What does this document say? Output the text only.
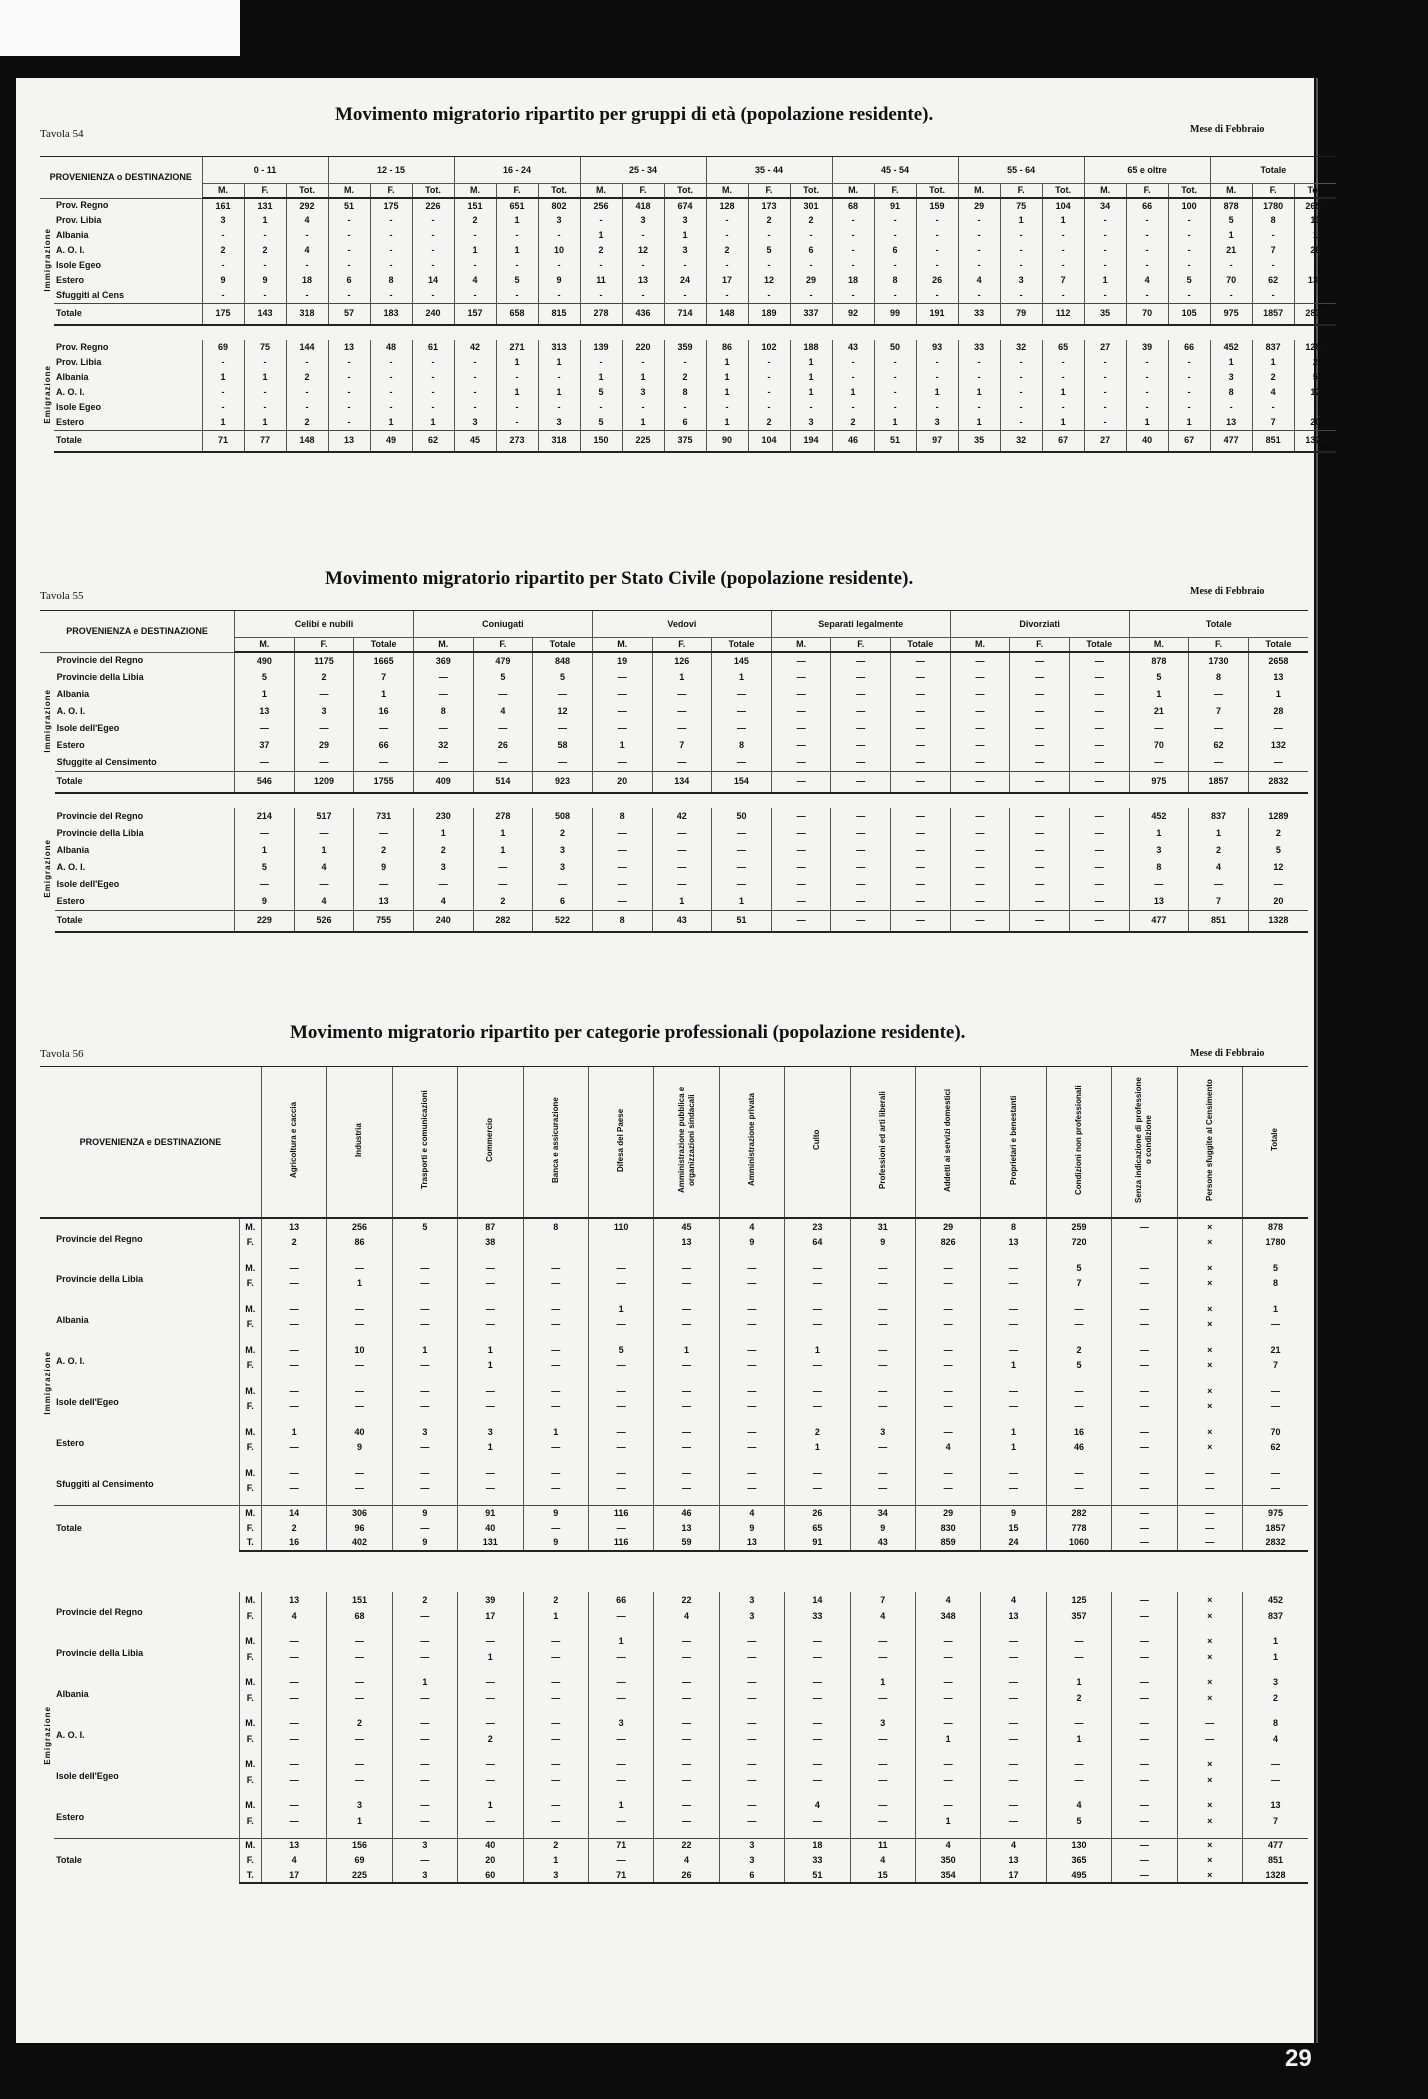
Tavola 54
Movimento migratorio ripartito per gruppi di età (popolazione residente).
Mese di Febbraio
PROVENIENZA o DESTINAZIONE		0 - 11			12 - 15			16 - 24			25 - 34			35 - 44			45 - 54			55 - 64			65 e oltre			Totale		
		M.	F.	Tot.	M.	F.	Tot.	M.	F.	Tot.	M.	F.	Tot.	M.	F.	Tot.	M.	F.	Tot.	M.	F.	Tot.	M.	F.	Tot.	M.	F.	Tot.
Immigrazione	Prov. Regno	161	131	292	51	175	226	151	651	802	256	418	674	128	173	301	68	91	159	29	75	104	34	66	100	878	1780	2658
	Prov. Libia	3	1	4	-	-	-	2	1	3	-	3	3	-	2	2	-	-	-	-	1	1	-	-	-	5	8	13
	Albania	-	-	-	-	-	-	-	-	-	1	-	1	-	-	-	-	-	-	-	-	-	-	-	-	1	-	1
	A. O. I.	2	2	4	-	-	-	1	1	10	2	12	3	2	5	6	-	6	-	-	-	-	-	-	-	21	7	28
	Isole Egeo	-	-	-	-	-	-	-	-	-	-	-	-	-	-	-	-	-	-	-	-	-	-	-	-	-	-	-
	Estero	9	9	18	6	8	14	4	5	9	11	13	24	17	12	29	18	8	26	4	3	7	1	4	5	70	62	132
	Sfuggiti al Cens	-	-	-	-	-	-	-	-	-	-	-	-	-	-	-	-	-	-	-	-	-	-	-	-	-	-	-
	Totale	175	143	318	57	183	240	157	658	815	278	436	714	148	189	337	92	99	191	33	79	112	35	70	105	975	1857	2832

Emigrazione	Prov. Regno	69	75	144	13	48	61	42	271	313	139	220	359	86	102	188	43	50	93	33	32	65	27	39	66	452	837	1289
	Prov. Libia	-	-	-	-	-	-	-	1	1	-	-	-	1	-	1	-	-	-	-	-	-	-	-	-	1	1	2
	Albania	1	1	2	-	-	-	-	-	-	1	1	2	1	-	1	-	-	-	-	-	-	-	-	-	3	2	5
	A. O. I.	-	-	-	-	-	-	-	1	1	5	3	8	1	-	1	1	-	1	1	-	1	-	-	-	8	4	12
	Isole Egeo	-	-	-	-	-	-	-	-	-	-	-	-	-	-	-	-	-	-	-	-	-	-	-	-	-	-	-
	Estero	1	1	2	-	1	1	3	-	3	5	1	6	1	2	3	2	1	3	1	-	1	-	1	1	13	7	20
	Totale	71	77	148	13	49	62	45	273	318	150	225	375	90	104	194	46	51	97	35	32	67	27	40	67	477	851	1328
Tavola 55
Movimento migratorio ripartito per Stato Civile (popolazione residente).
Mese di Febbraio
PROVENIENZA e DESTINAZIONE		Celibi e nubili			Coniugati			Vedovi			Separati legalmente			Divorziati			Totale		
		M.	F.	Totale	M.	F.	Totale	M.	F.	Totale	M.	F.	Totale	M.	F.	Totale	M.	F.	Totale
Immigrazione	Provincie del Regno	490	1175	1665	369	479	848	19	126	145	—	—	—	—	—	—	878	1730	2658
	Provincie della Libia	5	2	7	—	5	5	—	1	1	—	—	—	—	—	—	5	8	13
	Albania	1	—	1	—	—	—	—	—	—	—	—	—	—	—	—	1	—	1
	A. O. I.	13	3	16	8	4	12	—	—	—	—	—	—	—	—	—	21	7	28
	Isole dell'Egeo	—	—	—	—	—	—	—	—	—	—	—	—	—	—	—	—	—	—
	Estero	37	29	66	32	26	58	1	7	8	—	—	—	—	—	—	70	62	132
	Sfuggite al Censimento	—	—	—	—	—	—	—	—	—	—	—	—	—	—	—	—	—	—
	Totale	546	1209	1755	409	514	923	20	134	154	—	—	—	—	—	—	975	1857	2832

Emigrazione	Provincie del Regno	214	517	731	230	278	508	8	42	50	—	—	—	—	—	—	452	837	1289
	Provincie della Libia	—	—	—	1	1	2	—	—	—	—	—	—	—	—	—	1	1	2
	Albania	1	1	2	2	1	3	—	—	—	—	—	—	—	—	—	3	2	5
	A. O. I.	5	4	9	3	—	3	—	—	—	—	—	—	—	—	—	8	4	12
	Isole dell'Egeo	—	—	—	—	—	—	—	—	—	—	—	—	—	—	—	—	—	—
	Estero	9	4	13	4	2	6	—	1	1	—	—	—	—	—	—	13	7	20
	Totale	229	526	755	240	282	522	8	43	51	—	—	—	—	—	—	477	851	1328
Tavola 56
Movimento migratorio ripartito per categorie professionali (popolazione residente).
Mese di Febbraio
PROVENIENZA e DESTINAZIONE			Agricoltura e caccia	Industria	Trasporti e comunicazioni	Commercio	Banca e assicurazione	Difesa del Paese	Amministrazione pubblica e organizzazioni sindacali	Amministrazione privata	Culto	Professioni ed arti liberali	Addetti ai servizi domestici	Proprietari e benestanti	Condizioni non professionali	Senza indicazione di professione o condizione	Persone sfuggite al Censimento	Totale
Immigrazione	Provincie del Regno	M.	13	256	5	87	8	110	45	4	23	31	29	8	259	—	×	878
		F.	2	86		38			13	9	64	9	826	13	720		×	1780
	Provincie della Libia	M.	—	—	—	—	—	—	—	—	—	—	—	—	5	—	×	5
		F.	—	1	—	—	—	—	—	—	—	—	—	—	7	—	×	8
	Albania	M.	—	—	—	—	—	1	—	—	—	—	—	—	—	—	×	1
		F.	—	—	—	—	—	—	—	—	—	—	—	—	—	—	×	—
	A. O. I.	M.	—	10	1	1	—	5	1	—	1	—	—	—	2	—	×	21
		F.	—	—	—	1	—	—	—	—	—	—	—	1	5	—	×	7
	Isole dell'Egeo	M.	—	—	—	—	—	—	—	—	—	—	—	—	—	—	×	—
		F.	—	—	—	—	—	—	—	—	—	—	—	—	—	—	×	—
	Estero	M.	1	40	3	3	1	—	—	—	2	3	—	1	16	—	×	70
		F.	—	9	—	1	—	—	—	—	1	—	4	1	46	—	×	62
	Sfuggiti al Censimento	M.	—	—	—	—	—	—	—	—	—	—	—	—	—	—	—	—
		F.	—	—	—	—	—	—	—	—	—	—	—	—	—	—	—	—
	Totale	M.	14	306	9	91	9	116	46	4	26	34	29	9	282	—	—	975
		F.	2	96	—	40	—	—	13	9	65	9	830	15	778	—	—	1857
		T.	16	402	9	131	9	116	59	13	91	43	859	24	1060	—	—	2832

Emigrazione	Provincie del Regno	M.	13	151	2	39	2	66	22	3	14	7	4	4	125	—	×	452
		F.	4	68	—	17	1	—	4	3	33	4	348	13	357	—	×	837
	Provincie della Libia	M.	—	—	—	—	—	1	—	—	—	—	—	—	—	—	×	1
		F.	—	—	—	1	—	—	—	—	—	—	—	—	—	—	×	1
	Albania	M.	—	—	1	—	—	—	—	—	—	1	—	—	1	—	×	3
		F.	—	—	—	—	—	—	—	—	—	—	—	—	2	—	×	2
	A. O. I.	M.	—	2	—	—	—	3	—	—	—	3	—	—	—	—	—	8
		F.	—	—	—	2	—	—	—	—	—	—	1	—	1	—	—	4
	Isole dell'Egeo	M.	—	—	—	—	—	—	—	—	—	—	—	—	—	—	×	—
		F.	—	—	—	—	—	—	—	—	—	—	—	—	—	—	×	—
	Estero	M.	—	3	—	1	—	1	—	—	4	—	—	—	4	—	×	13
		F.	—	1	—	—	—	—	—	—	—	—	1	—	5	—	×	7
	Totale	M.	13	156	3	40	2	71	22	3	18	11	4	4	130	—	×	477
		F.	4	69	—	20	1	—	4	3	33	4	350	13	365	—	×	851
		T.	17	225	3	60	3	71	26	6	51	15	354	17	495	—	×	1328
29
